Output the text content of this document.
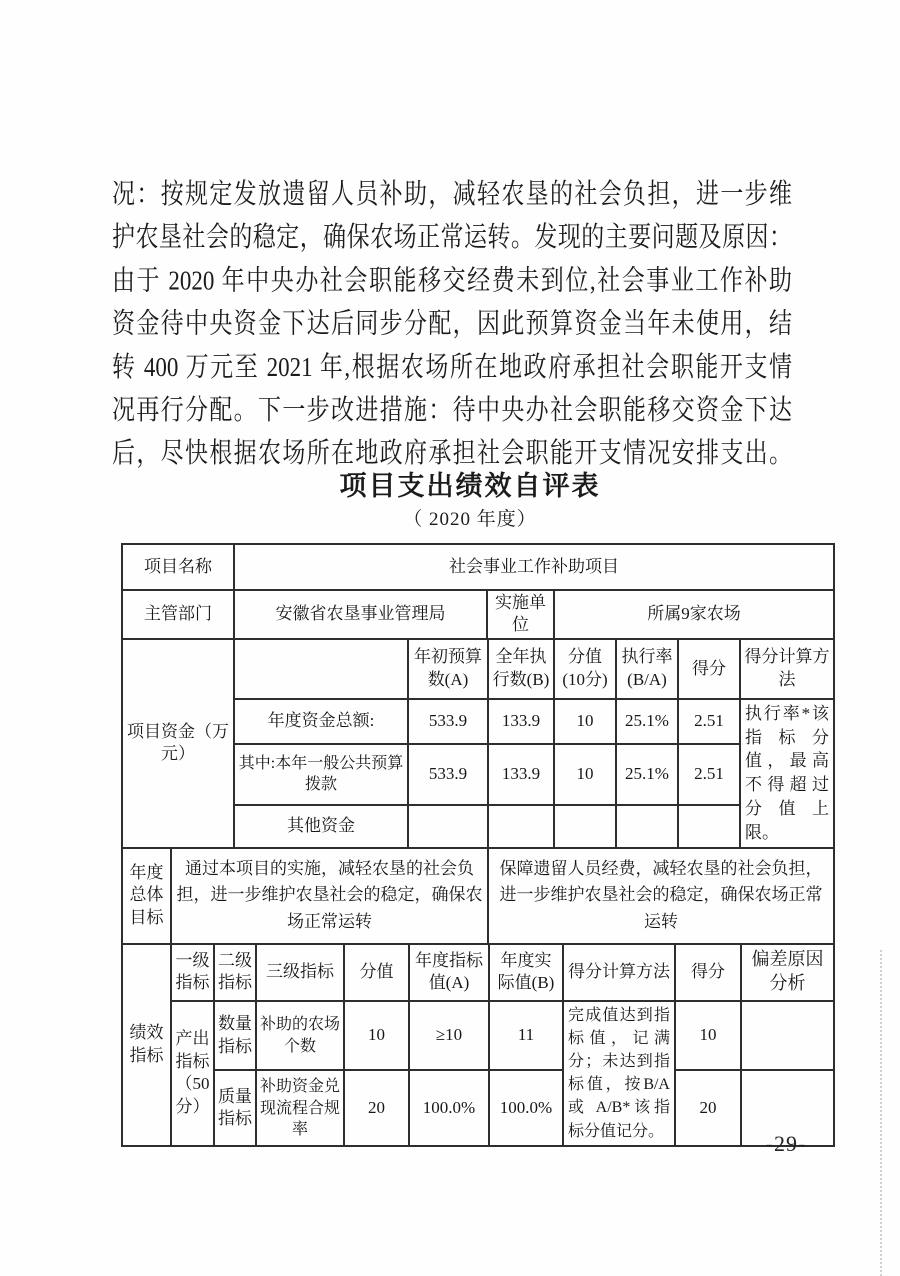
况：按规定发放遗留人员补助，减轻农垦的社会负担，进一步维
护农垦社会的稳定，确保农场正常运转。发现的主要问题及原因：
由于 2020 年中央办社会职能移交经费未到位,社会事业工作补助
资金待中央资金下达后同步分配，因此预算资金当年未使用，结
转 400 万元至 2021 年,根据农场所在地政府承担社会职能开支情
况再行分配。下一步改进措施：待中央办社会职能移交资金下达
后，尽快根据农场所在地政府承担社会职能开支情况安排支出。
项目支出绩效自评表
（ 2020 年度）
项目名称	社会事业工作补助项目		
主管部门	安徽省农垦事业管理局	实施单位	所属9家农场
项目资金（万元）		年初预算数(A)	全年执行数(B)	分值(10分)	执行率(B/A)	得分	得分计算方法
	年度资金总额:	533.9	133.9	10	25.1%	2.51	执行率*该指标分值，最高不得超过分值上限。
	其中:本年一般公共预算拨款	533.9	133.9	10	25.1%	2.51	
	其他资金						
年度总体目标	通过本项目的实施，减轻农垦的社会负担，进一步维护农垦社会的稳定，确保农场正常运转	保障遗留人员经费，减轻农垦的社会负担，进一步维护农垦社会的稳定，确保农场正常运转
绩效指标	一级指标	二级指标	三级指标	分值	年度指标值(A)	年度实际值(B)	得分计算方法	得分	偏差原因分析
	产出指标（50分）	数量指标	补助的农场个数	10	≥10	11	完成值达到指标值，记满分；未达到指标值，按B/A 或 A/B*该指标分值记分。	10	
		质量指标	补助资金兑现流程合规率	20	100.0%	100.0%		20	
-29-
